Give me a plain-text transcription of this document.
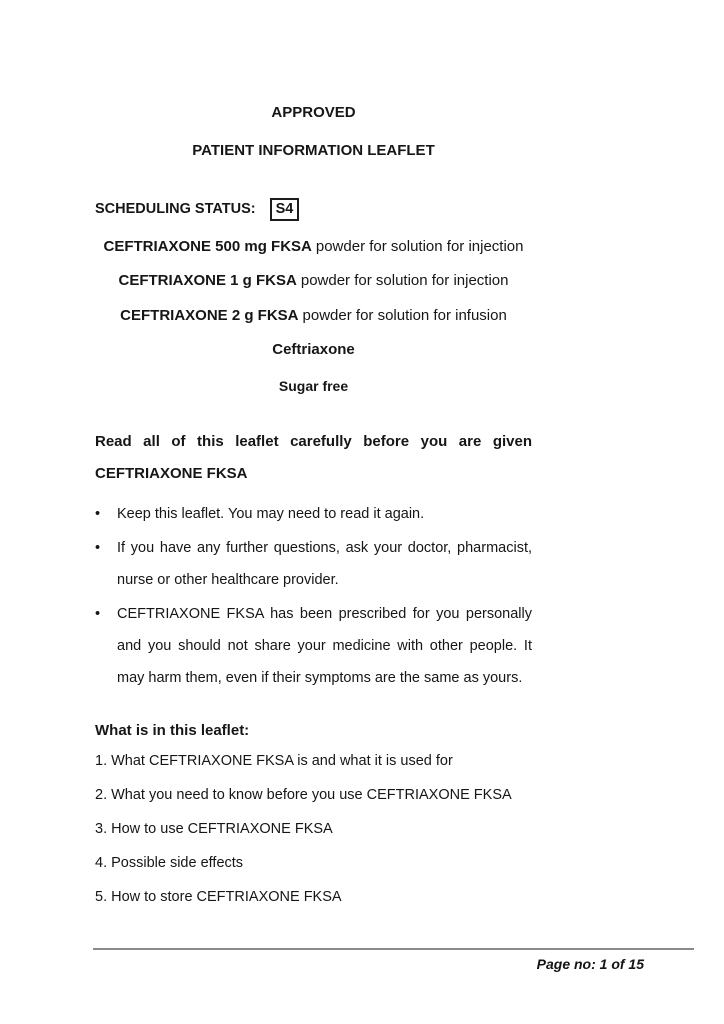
APPROVED

PATIENT INFORMATION LEAFLET

SCHEDULING STATUS: S4

CEFTRIAXONE 500 mg FKSA powder for solution for injection

CEFTRIAXONE 1 g FKSA powder for solution for injection

CEFTRIAXONE 2 g FKSA powder for solution for infusion

Ceftriaxone

Sugar free

Read all of this leaflet carefully before you are given CEFTRIAXONE FKSA

•	Keep this leaflet. You may need to read it again.
•	If you have any further questions, ask your doctor, pharmacist, nurse or other healthcare provider.
•	CEFTRIAXONE FKSA has been prescribed for you personally and you should not share your medicine with other people. It may harm them, even if their symptoms are the same as yours.

What is in this leaflet:

1. What CEFTRIAXONE FKSA is and what it is used for
2. What you need to know before you use CEFTRIAXONE FKSA
3. How to use CEFTRIAXONE FKSA
4. Possible side effects
5. How to store CEFTRIAXONE FKSA
Page no: 1 of 15
